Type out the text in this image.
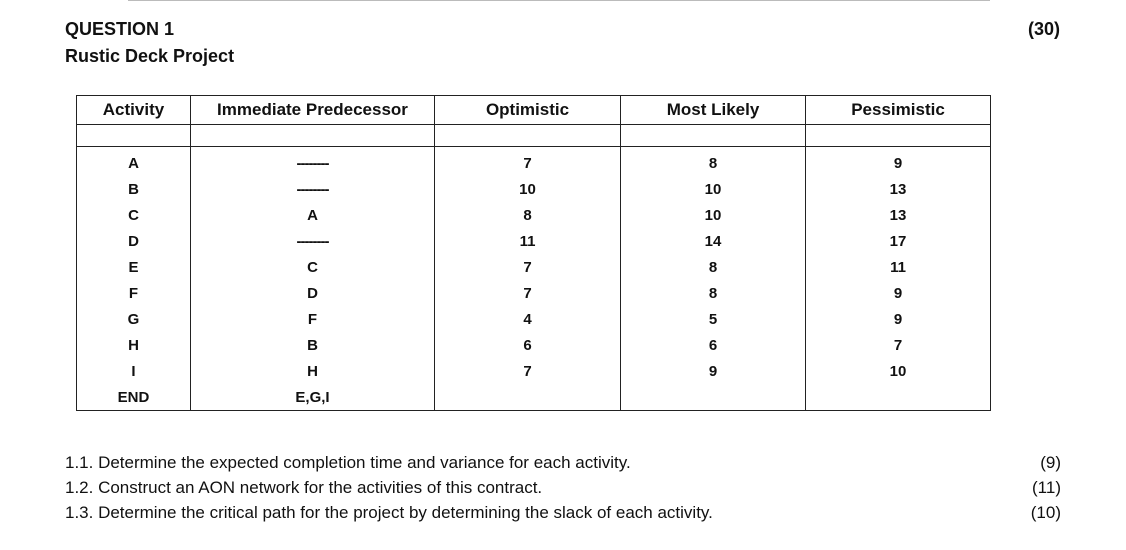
QUESTION 1
Rustic Deck Project
(30)
Activity	Immediate Predecessor	Optimistic	Most Likely	Pessimistic

A	--------	7	8	9
B	--------	10	10	13
C	A	8	10	13
D	--------	11	14	17
E	C	7	8	11
F	D	7	8	9
G	F	4	5	9
H	B	6	6	7
I	H	7	9	10
END	E,G,I			
1.1. Determine the expected completion time and variance for each activity.	(9)
1.2. Construct an AON network for the activities of this contract.	(11)
1.3. Determine the critical path for the project by determining the slack of each activity.	(10)
